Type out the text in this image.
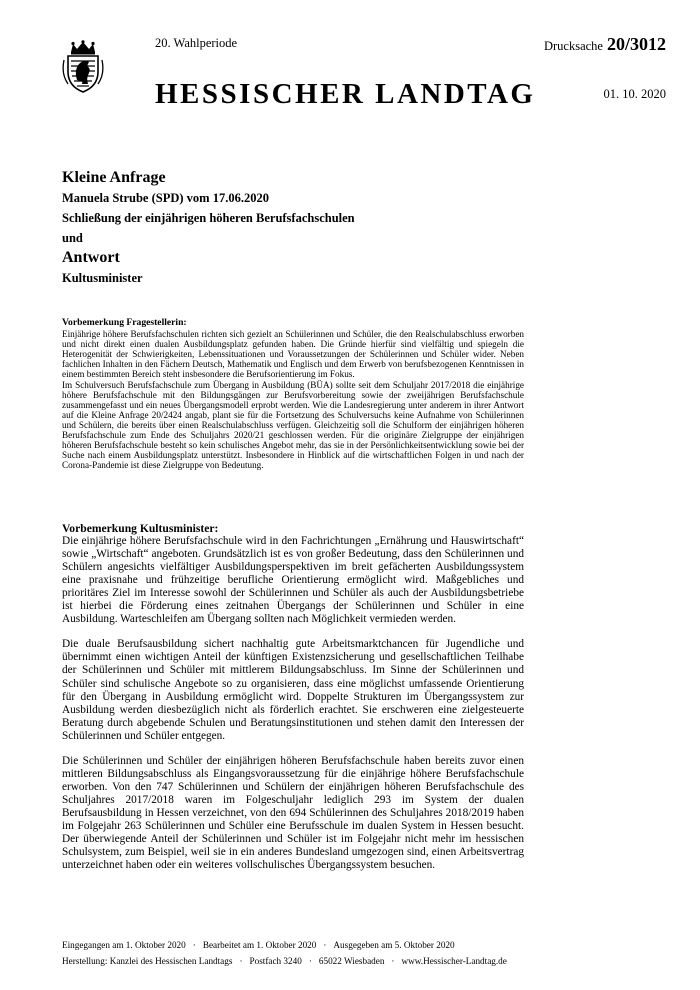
20. Wahlperiode
HESSISCHER LANDTAG
Drucksache 20/3012
01. 10. 2020

Kleine Anfrage

Manuela Strube (SPD) vom 17.06.2020

Schließung der einjährigen höheren Berufsfachschulen

und

Antwort

Kultusminister

Vorbemerkung Fragestellerin:

Einjährige höhere Berufsfachschulen richten sich gezielt an Schülerinnen und Schüler, die den Realschulabschluss erworben und nicht direkt einen dualen Ausbildungsplatz gefunden haben. Die Gründe hierfür sind vielfältig und spiegeln die Heterogenität der Schwierigkeiten, Lebenssituationen und Voraussetzungen der Schülerinnen und Schüler wider. Neben fachlichen Inhalten in den Fächern Deutsch, Mathematik und Englisch und dem Erwerb von berufsbezogenen Kenntnissen in einem bestimmten Bereich steht insbesondere die Berufsorientierung im Fokus.

Im Schulversuch Berufsfachschule zum Übergang in Ausbildung (BÜA) sollte seit dem Schuljahr 2017/2018 die einjährige höhere Berufsfachschule mit den Bildungsgängen zur Berufsvorbereitung sowie der zweijährigen Berufsfachschule zusammengefasst und ein neues Übergangsmodell erprobt werden. Wie die Landesregierung unter anderem in ihrer Antwort auf die Kleine Anfrage 20/2424 angab, plant sie für die Fortsetzung des Schulversuchs keine Aufnahme von Schülerinnen und Schülern, die bereits über einen Realschulabschluss verfügen. Gleichzeitig soll die Schulform der einjährigen höheren Berufsfachschule zum Ende des Schuljahrs 2020/21 geschlossen werden. Für die originäre Zielgruppe der einjährigen höheren Berufsfachschule besteht so kein schulisches Angebot mehr, das sie in der Persönlichkeitsentwicklung sowie bei der Suche nach einem Ausbildungsplatz unterstützt. Insbesondere in Hinblick auf die wirtschaftlichen Folgen in und nach der Corona-Pandemie ist diese Zielgruppe von Bedeutung.

Vorbemerkung Kultusminister:

Die einjährige höhere Berufsfachschule wird in den Fachrichtungen „Ernährung und Hauswirtschaft“ sowie „Wirtschaft“ angeboten. Grundsätzlich ist es von großer Bedeutung, dass den Schülerinnen und Schülern angesichts vielfältiger Ausbildungsperspektiven im breit gefächerten Ausbildungssystem eine praxisnahe und frühzeitige berufliche Orientierung ermöglicht wird. Maßgebliches und prioritäres Ziel im Interesse sowohl der Schülerinnen und Schüler als auch der Ausbildungsbetriebe ist hierbei die Förderung eines zeitnahen Übergangs der Schülerinnen und Schüler in eine Ausbildung. Warteschleifen am Übergang sollten nach Möglichkeit vermieden werden.

Die duale Berufsausbildung sichert nachhaltig gute Arbeitsmarktchancen für Jugendliche und übernimmt einen wichtigen Anteil der künftigen Existenzsicherung und gesellschaftlichen Teilhabe der Schülerinnen und Schüler mit mittlerem Bildungsabschluss. Im Sinne der Schülerinnen und Schüler sind schulische Angebote so zu organisieren, dass eine möglichst umfassende Orientierung für den Übergang in Ausbildung ermöglicht wird. Doppelte Strukturen im Übergangssystem zur Ausbildung werden diesbezüglich nicht als förderlich erachtet. Sie erschweren eine zielgesteuerte Beratung durch abgebende Schulen und Beratungsinstitutionen und stehen damit den Interessen der Schülerinnen und Schüler entgegen.

Die Schülerinnen und Schüler der einjährigen höheren Berufsfachschule haben bereits zuvor einen mittleren Bildungsabschluss als Eingangsvoraussetzung für die einjährige höhere Berufsfachschule erworben. Von den 747 Schülerinnen und Schülern der einjährigen höheren Berufsfachschule des Schuljahres 2017/2018 waren im Folgeschuljahr lediglich 293 im System der dualen Berufsausbildung in Hessen verzeichnet, von den 694 Schülerinnen des Schuljahres 2018/2019 haben im Folgejahr 263 Schülerinnen und Schüler eine Berufsschule im dualen System in Hessen besucht. Der überwiegende Anteil der Schülerinnen und Schüler ist im Folgejahr nicht mehr im hessischen Schulsystem, zum Beispiel, weil sie in ein anderes Bundesland umgezogen sind, einen Arbeitsvertrag unterzeichnet haben oder ein weiteres vollschulisches Übergangssystem besuchen.

Eingegangen am 1. Oktober 2020 · Bearbeitet am 1. Oktober 2020 · Ausgegeben am 5. Oktober 2020
Herstellung: Kanzlei des Hessischen Landtags · Postfach 3240 · 65022 Wiesbaden · www.Hessischer-Landtag.de
